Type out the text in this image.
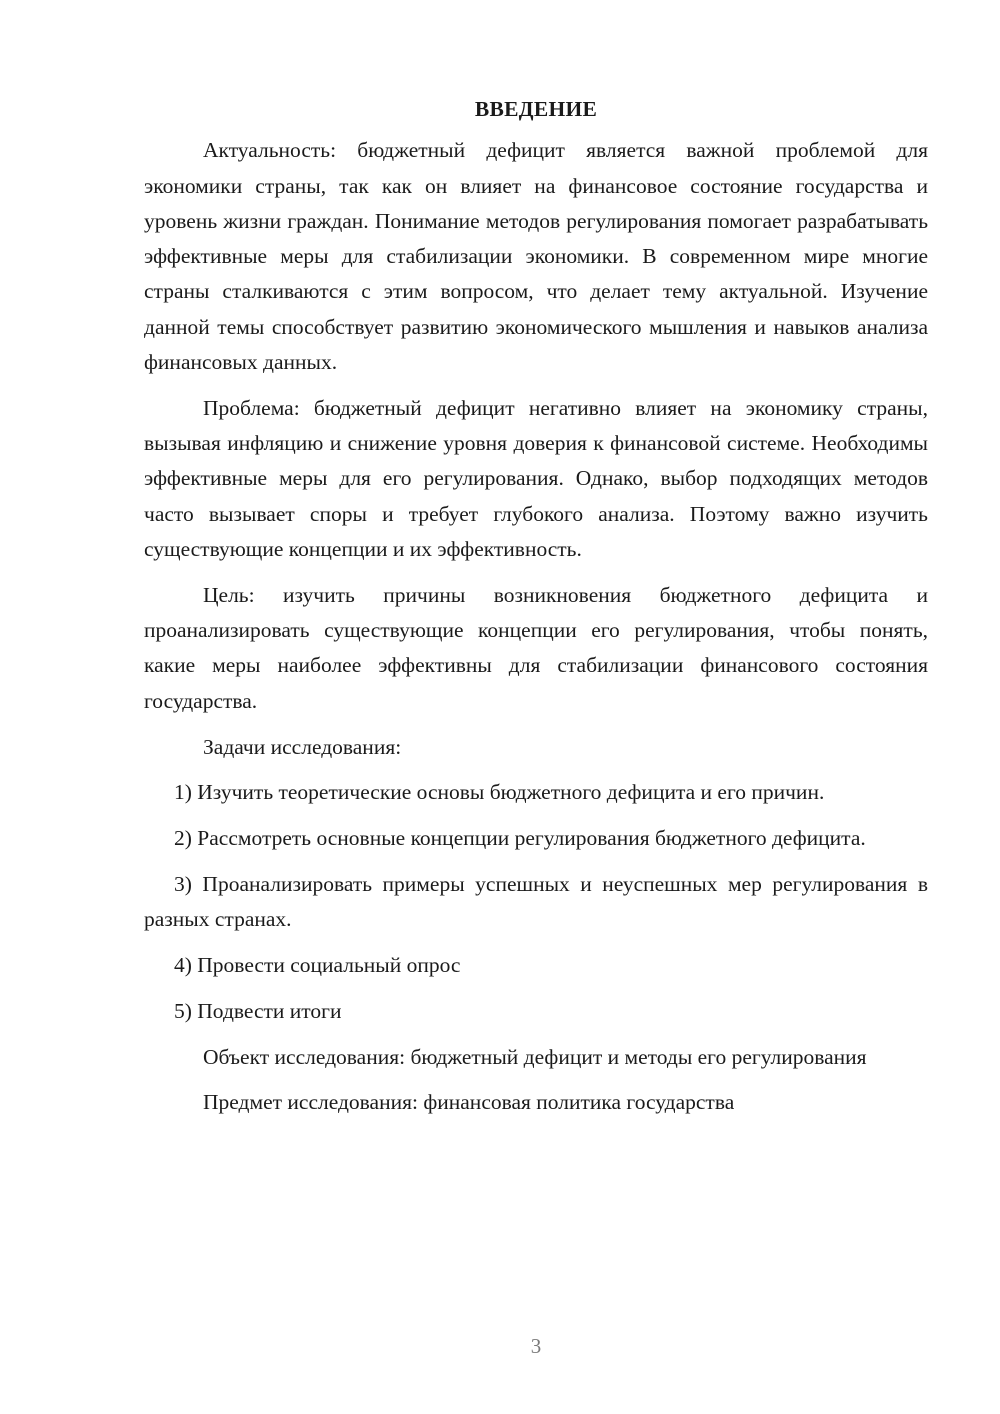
ВВЕДЕНИЕ

Актуальность: бюджетный дефицит является важной проблемой для экономики страны, так как он влияет на финансовое состояние государства и уровень жизни граждан. Понимание методов регулирования помогает разрабатывать эффективные меры для стабилизации экономики. В современном мире многие страны сталкиваются с этим вопросом, что делает тему актуальной. Изучение данной темы способствует развитию экономического мышления и навыков анализа финансовых данных.

Проблема: бюджетный дефицит негативно влияет на экономику страны, вызывая инфляцию и снижение уровня доверия к финансовой системе. Необходимы эффективные меры для его регулирования. Однако, выбор подходящих методов часто вызывает споры и требует глубокого анализа. Поэтому важно изучить существующие концепции и их эффективность.

Цель: изучить причины возникновения бюджетного дефицита и проанализировать существующие концепции его регулирования, чтобы понять, какие меры наиболее эффективны для стабилизации финансового состояния государства.

Задачи исследования:

1) Изучить теоретические основы бюджетного дефицита и его причин.

2) Рассмотреть основные концепции регулирования бюджетного дефицита.

3) Проанализировать примеры успешных и неуспешных мер регулирования в разных странах.

4) Провести социальный опрос

5) Подвести итоги

Объект исследования: бюджетный дефицит и методы его регулирования

Предмет исследования: финансовая политика государства

3
